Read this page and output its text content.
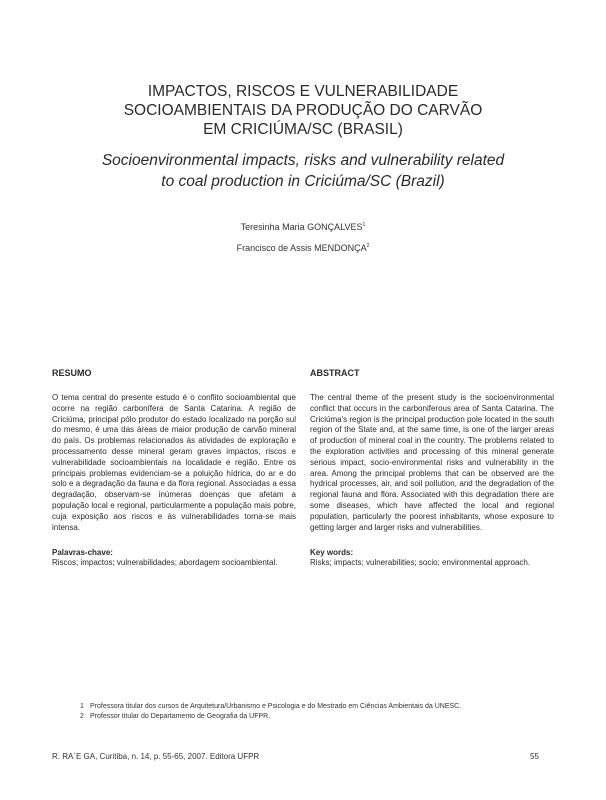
IMPACTOS, RISCOS E VULNERABILIDADE
SOCIOAMBIENTAIS DA PRODUÇÃO DO CARVÃO
EM CRICIÚMA/SC (BRASIL)
Socioenvironmental impacts, risks and vulnerability related
to coal production in Criciúma/SC (Brazil)
Teresinha Maria GONÇALVES$^1$
Francisco de Assis MENDONÇA$^2$
RESUMO

O tema central do presente estudo é o conflito socioambiental que ocorre na região carbonífera de Santa Catarina. A região de Criciúma, principal pólo produtor do estado localizado na porção sul do mesmo, é uma das áreas de maior produção de carvão mineral do país. Os problemas relacionados às atividades de exploração e processamento desse mineral geram graves impactos, riscos e vulnerabilidade socioambientais na localidade e região. Entre os principais problemas evidenciam-se a poluição hídrica, do ar e do solo e a degradação da fauna e da flora regional. Associadas a essa degradação, observam-se inúmeras doenças que afetam a população local e regional, particularmente a população mais pobre, cuja exposição aos riscos e às vulnerabilidades torna-se mais intensa.

Palavras-chave:
Riscos; impactos; vulnerabilidades; abordagem socioambiental.
ABSTRACT

The central theme of the present study is the socioenvironmental conflict that occurs in the carboniferous area of Santa Catarina. The Criciúma's region is the principal production pole located in the south region of the State and, at the same time, is one of the larger areas of production of mineral coal in the country. The problems related to the exploration activities and processing of this mineral generate serious impact, socio-environmental risks and vulnerability in the area. Among the principal problems that can be observed are the hydrical processes, air, and soil pollution, and the degradation of the regional fauna and flora. Associated with this degradation there are some diseases, which have affected the local and regional population, particularly the poorest inhabitants, whose exposure to getting larger and larger risks and vulnerabilities.

Key words:
Risks; impacts; vulnerabilities; socio; environmental approach.
1 Professora titular dos cursos de Arquitetura/Urbanismo e Psicologia e do Mestrado em Ciências Ambientais da UNESC.
2 Professor titular do Departamento de Geografia da UFPR.
R. RA´E GA, Curitiba, n. 14, p. 55-65, 2007. Editora UFPR	55
